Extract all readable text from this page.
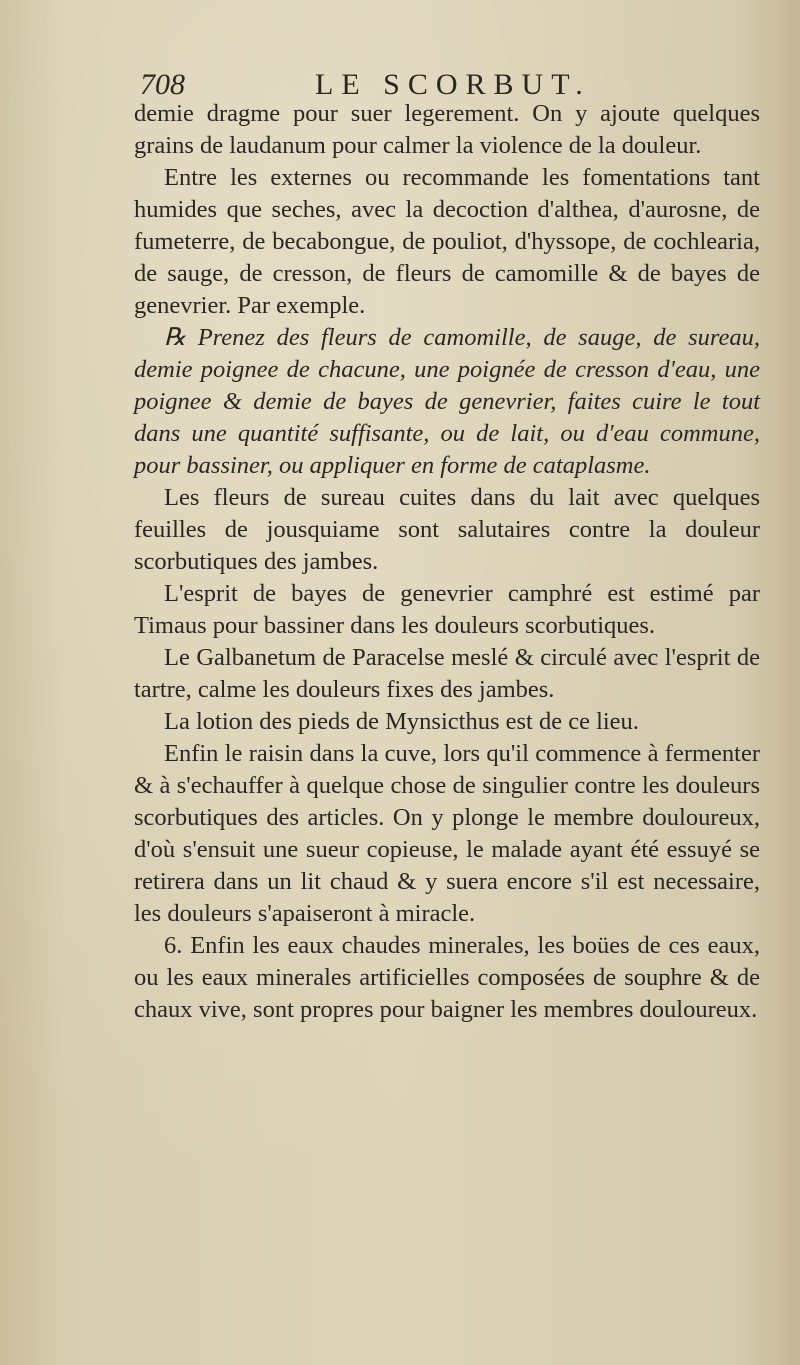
708	LE SCORBUT.

demie dragme pour suer legerement. On y ajoute quelques grains de laudanum pour calmer la violence de la douleur.

Entre les externes ou recommande les fomentations tant humides que seches, avec la decoction d'althea, d'aurosne, de fumeterre, de becabongue, de pouliot, d'hyssope, de cochlearia, de sauge, de cresson, de fleurs de camomille & de bayes de genevrier. Par exemple.

℞ Prenez des fleurs de camomille, de sauge, de sureau, demie poignee de chacune, une poignée de cresson d'eau, une poignee & demie de bayes de genevrier, faites cuire le tout dans une quantité suffisante, ou de lait, ou d'eau commune, pour bassiner, ou appliquer en forme de cataplasme.

Les fleurs de sureau cuites dans du lait avec quelques feuilles de jousquiame sont salutaires contre la douleur scorbutiques des jambes.

L'esprit de bayes de genevrier camphré est estimé par Timaus pour bassiner dans les douleurs scorbutiques.

Le Galbanetum de Paracelse meslé & circulé avec l'esprit de tartre, calme les douleurs fixes des jambes.

La lotion des pieds de Mynsicthus est de ce lieu.

Enfin le raisin dans la cuve, lors qu'il commence à fermenter & à s'echauffer à quelque chose de singulier contre les douleurs scorbutiques des articles. On y plonge le membre douloureux, d'où s'ensuit une sueur copieuse, le malade ayant été essuyé se retirera dans un lit chaud & y suera encore s'il est necessaire, les douleurs s'apaiseront à miracle.

6. Enfin les eaux chaudes minerales, les boües de ces eaux, ou les eaux minerales artificielles composées de souphre & de chaux vive, sont propres pour baigner les membres douloureux.
